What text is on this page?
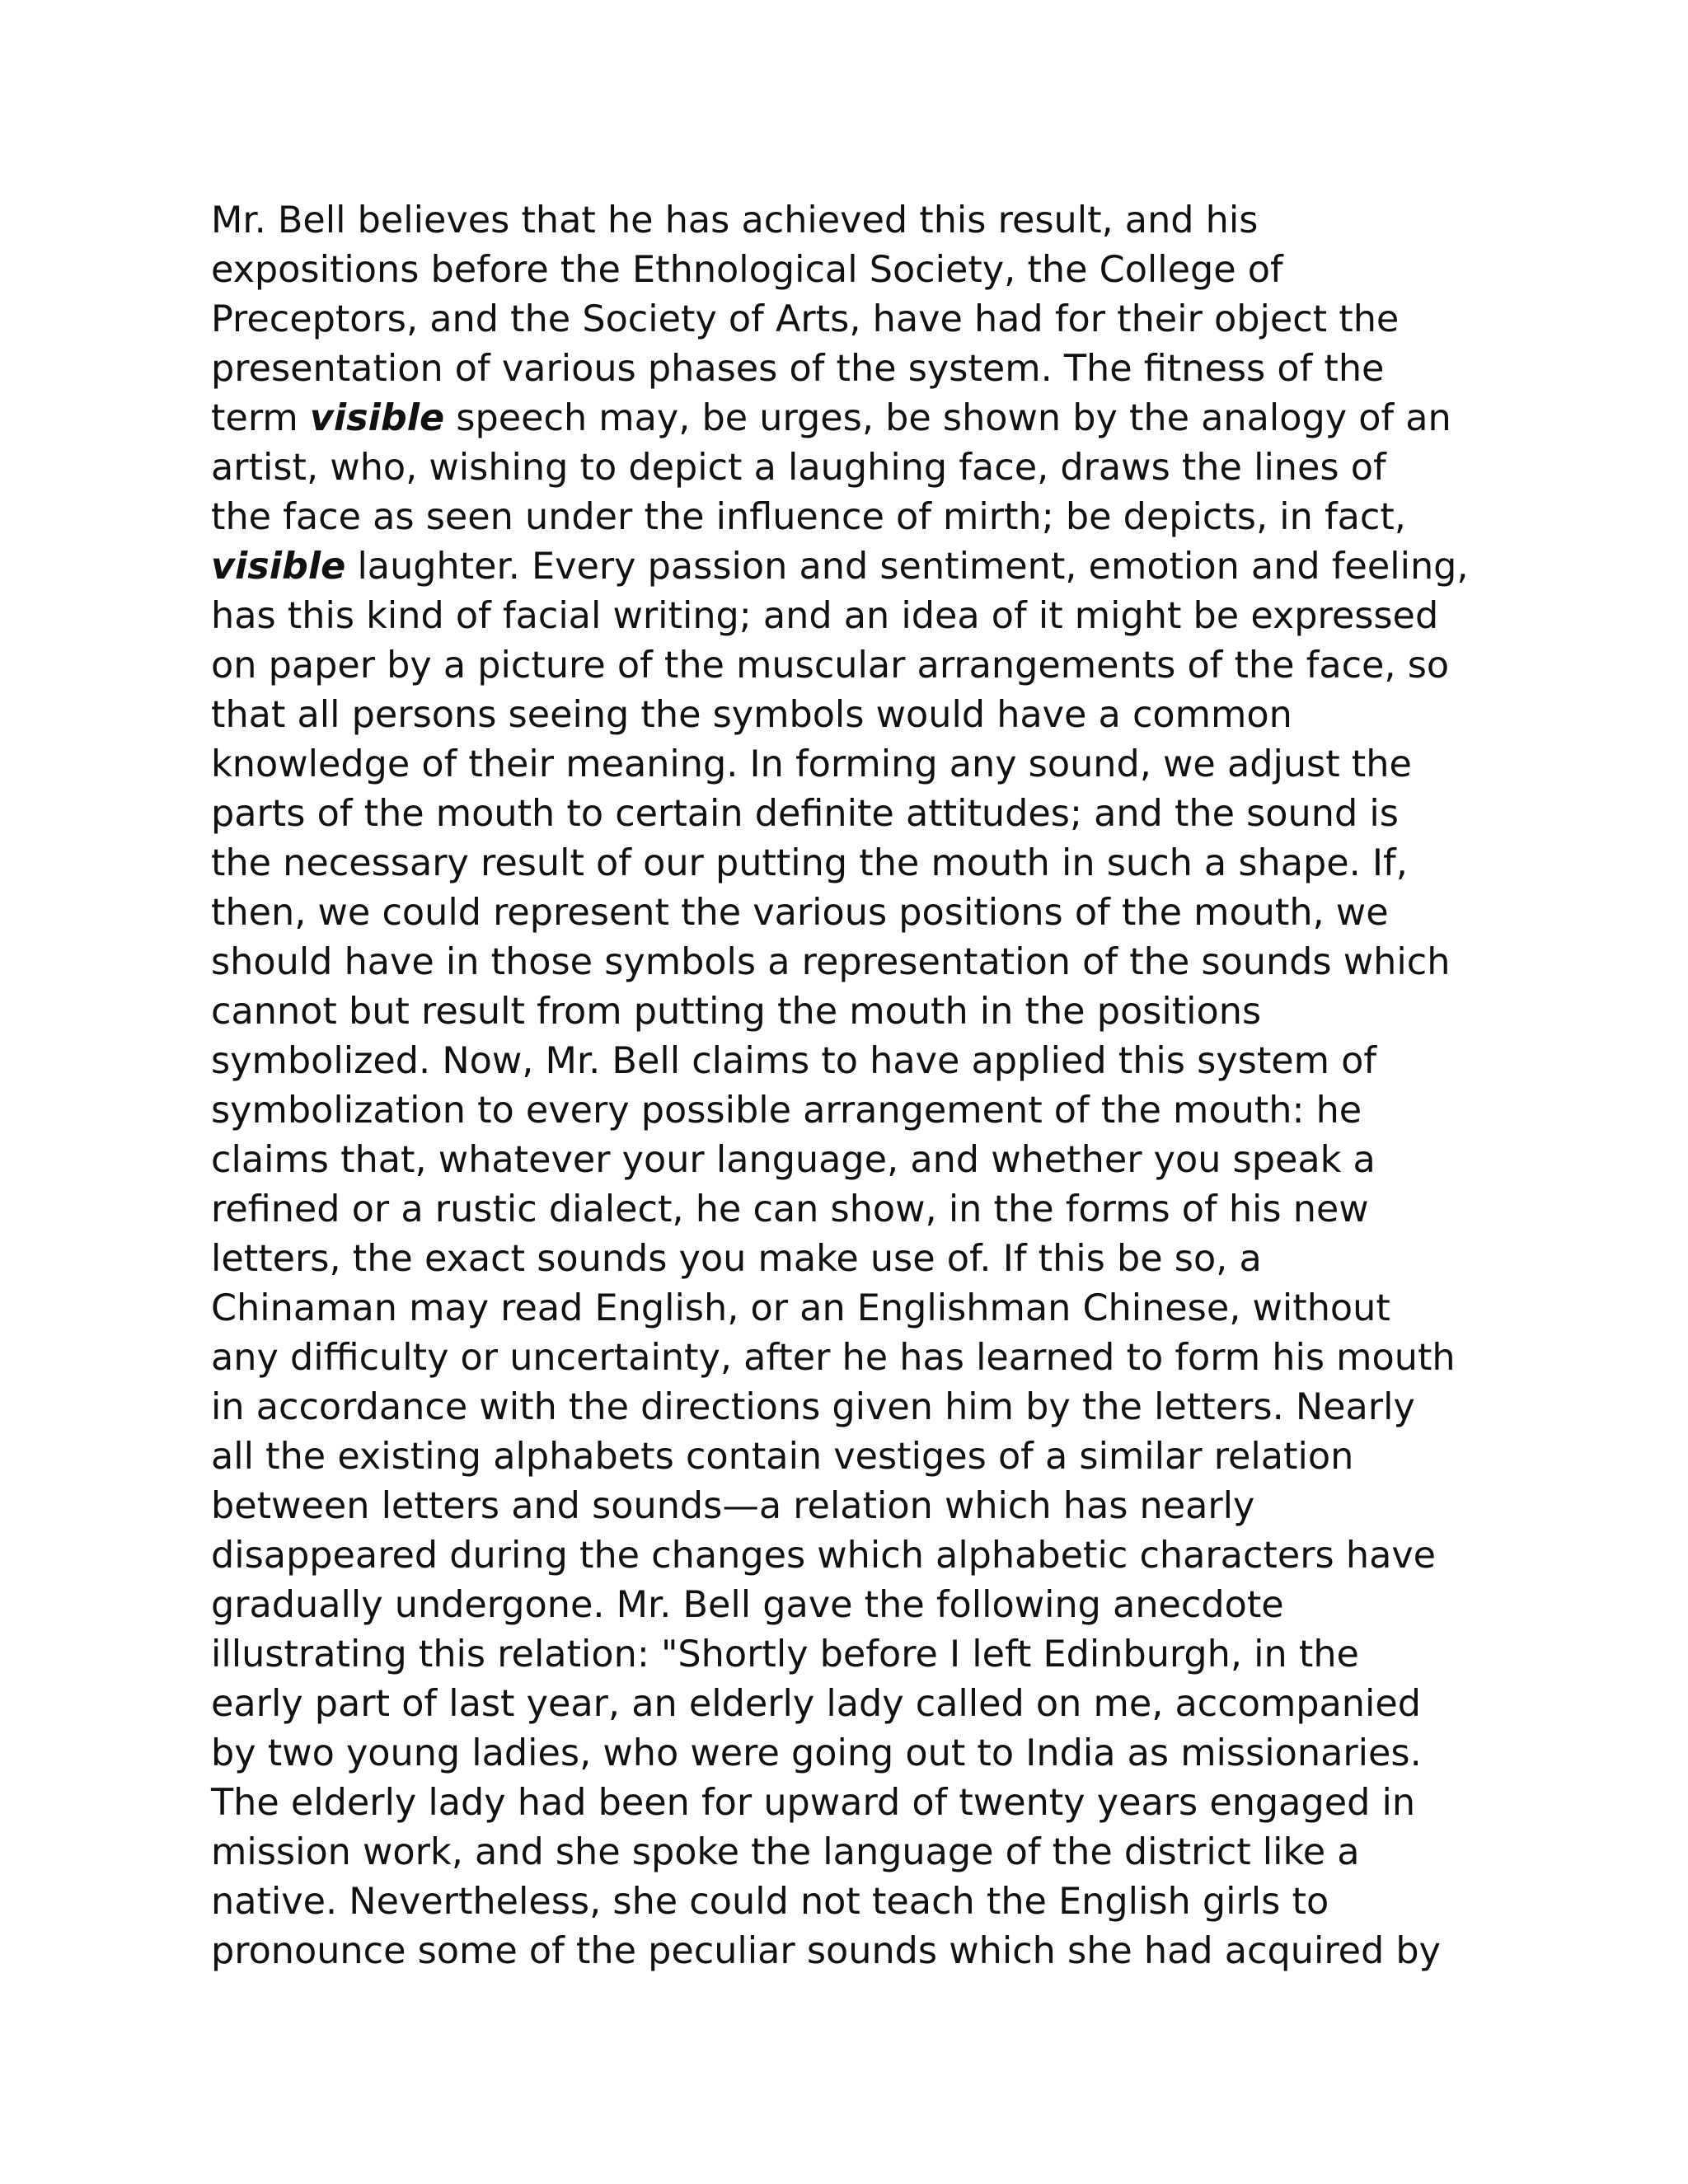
Mr. Bell believes that he has achieved this result, and his
expositions before the Ethnological Society, the College of
Preceptors, and the Society of Arts, have had for their object the
presentation of various phases of the system. The fitness of the
term visible speech may, be urges, be shown by the analogy of an
artist, who, wishing to depict a laughing face, draws the lines of
the face as seen under the influence of mirth; be depicts, in fact,
visible laughter. Every passion and sentiment, emotion and feeling,
has this kind of facial writing; and an idea of it might be expressed
on paper by a picture of the muscular arrangements of the face, so
that all persons seeing the symbols would have a common
knowledge of their meaning. In forming any sound, we adjust the
parts of the mouth to certain definite attitudes; and the sound is
the necessary result of our putting the mouth in such a shape. If,
then, we could represent the various positions of the mouth, we
should have in those symbols a representation of the sounds which
cannot but result from putting the mouth in the positions
symbolized. Now, Mr. Bell claims to have applied this system of
symbolization to every possible arrangement of the mouth: he
claims that, whatever your language, and whether you speak a
refined or a rustic dialect, he can show, in the forms of his new
letters, the exact sounds you make use of. If this be so, a
Chinaman may read English, or an Englishman Chinese, without
any difficulty or uncertainty, after he has learned to form his mouth
in accordance with the directions given him by the letters. Nearly
all the existing alphabets contain vestiges of a similar relation
between letters and sounds—a relation which has nearly
disappeared during the changes which alphabetic characters have
gradually undergone. Mr. Bell gave the following anecdote
illustrating this relation: "Shortly before I left Edinburgh, in the
early part of last year, an elderly lady called on me, accompanied
by two young ladies, who were going out to India as missionaries.
The elderly lady had been for upward of twenty years engaged in
mission work, and she spoke the language of the district like a
native. Nevertheless, she could not teach the English girls to
pronounce some of the peculiar sounds which she had acquired by
